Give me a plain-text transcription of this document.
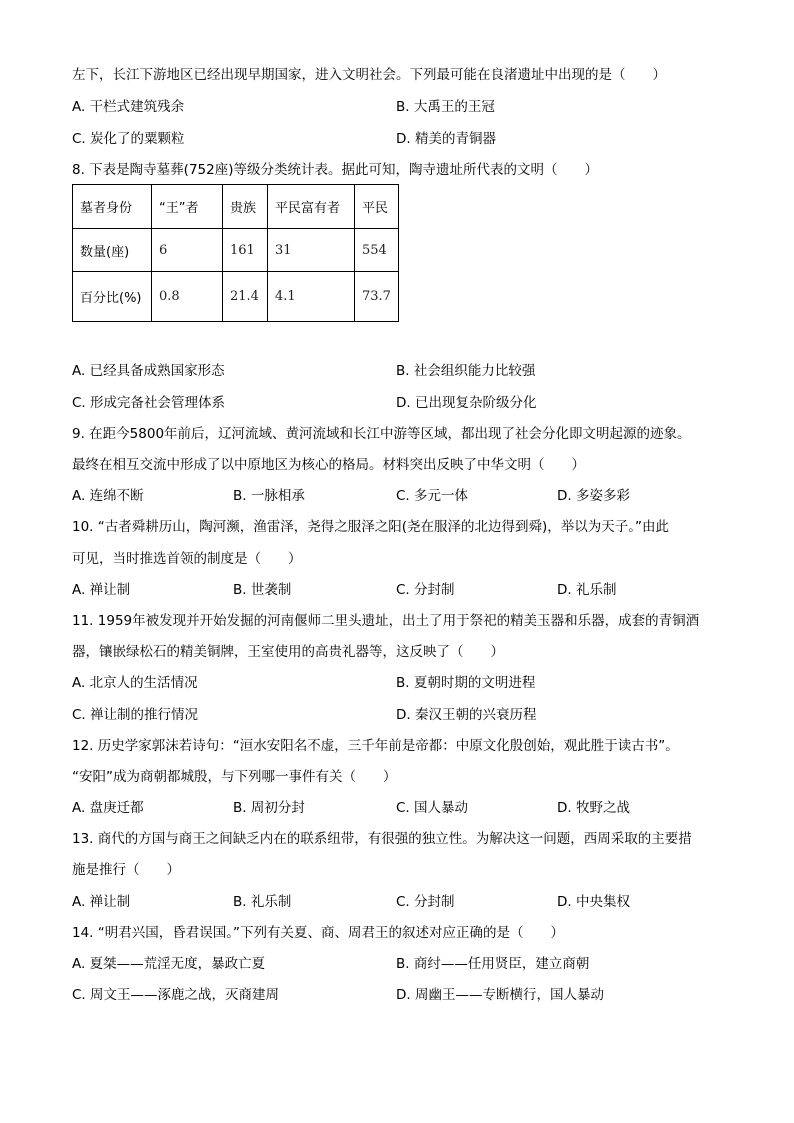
左下，长江下游地区已经出现早期国家，进入文明社会。下列最可能在良渚遗址中出现的是（　　）
A. 干栏式建筑残余	B. 大禹王的王冠
C. 炭化了的粟颗粒	D. 精美的青铜器
8. 下表是陶寺墓葬(752座)等级分类统计表。据此可知，陶寺遗址所代表的文明（　　）
墓者身份	“王”者	贵族	平民富有者	平民
数量(座)	6	161	31	554
百分比(%)	0.8	21.4	4.1	73.7
A. 已经具备成熟国家形态	B. 社会组织能力比较强
C. 形成完备社会管理体系	D. 已出现复杂阶级分化
9. 在距今5800年前后，辽河流域、黄河流域和长江中游等区域，都出现了社会分化即文明起源的迹象。
最终在相互交流中形成了以中原地区为核心的格局。材料突出反映了中华文明（　　）
A. 连绵不断	B. 一脉相承	C. 多元一体	D. 多姿多彩
10. “古者舜耕历山，陶河濒，渔雷泽，尧得之服泽之阳(尧在服泽的北边得到舜)，举以为天子。”由此
可见，当时推选首领的制度是（　　）
A. 禅让制	B. 世袭制	C. 分封制	D. 礼乐制
11. 1959年被发现并开始发掘的河南偃师二里头遗址，出土了用于祭祀的精美玉器和乐器，成套的青铜酒
器，镶嵌绿松石的精美铜牌，王室使用的高贵礼器等，这反映了（　　）
A. 北京人的生活情况	B. 夏朝时期的文明进程
C. 禅让制的推行情况	D. 秦汉王朝的兴衰历程
12. 历史学家郭沫若诗句：“洹水安阳名不虚，三千年前是帝都：中原文化殷创始，观此胜于读古书”。
“安阳”成为商朝都城殷，与下列哪一事件有关（　　）
A. 盘庚迁都	B. 周初分封	C. 国人暴动	D. 牧野之战
13. 商代的方国与商王之间缺乏内在的联系纽带，有很强的独立性。为解决这一问题，西周采取的主要措
施是推行（　　）
A. 禅让制	B. 礼乐制	C. 分封制	D. 中央集权
14. “明君兴国，昏君误国。”下列有关夏、商、周君王的叙述对应正确的是（　　）
A. 夏桀——荒淫无度，暴政亡夏	B. 商纣——任用贤臣，建立商朝
C. 周文王——涿鹿之战，灭商建周	D. 周幽王——专断横行，国人暴动
